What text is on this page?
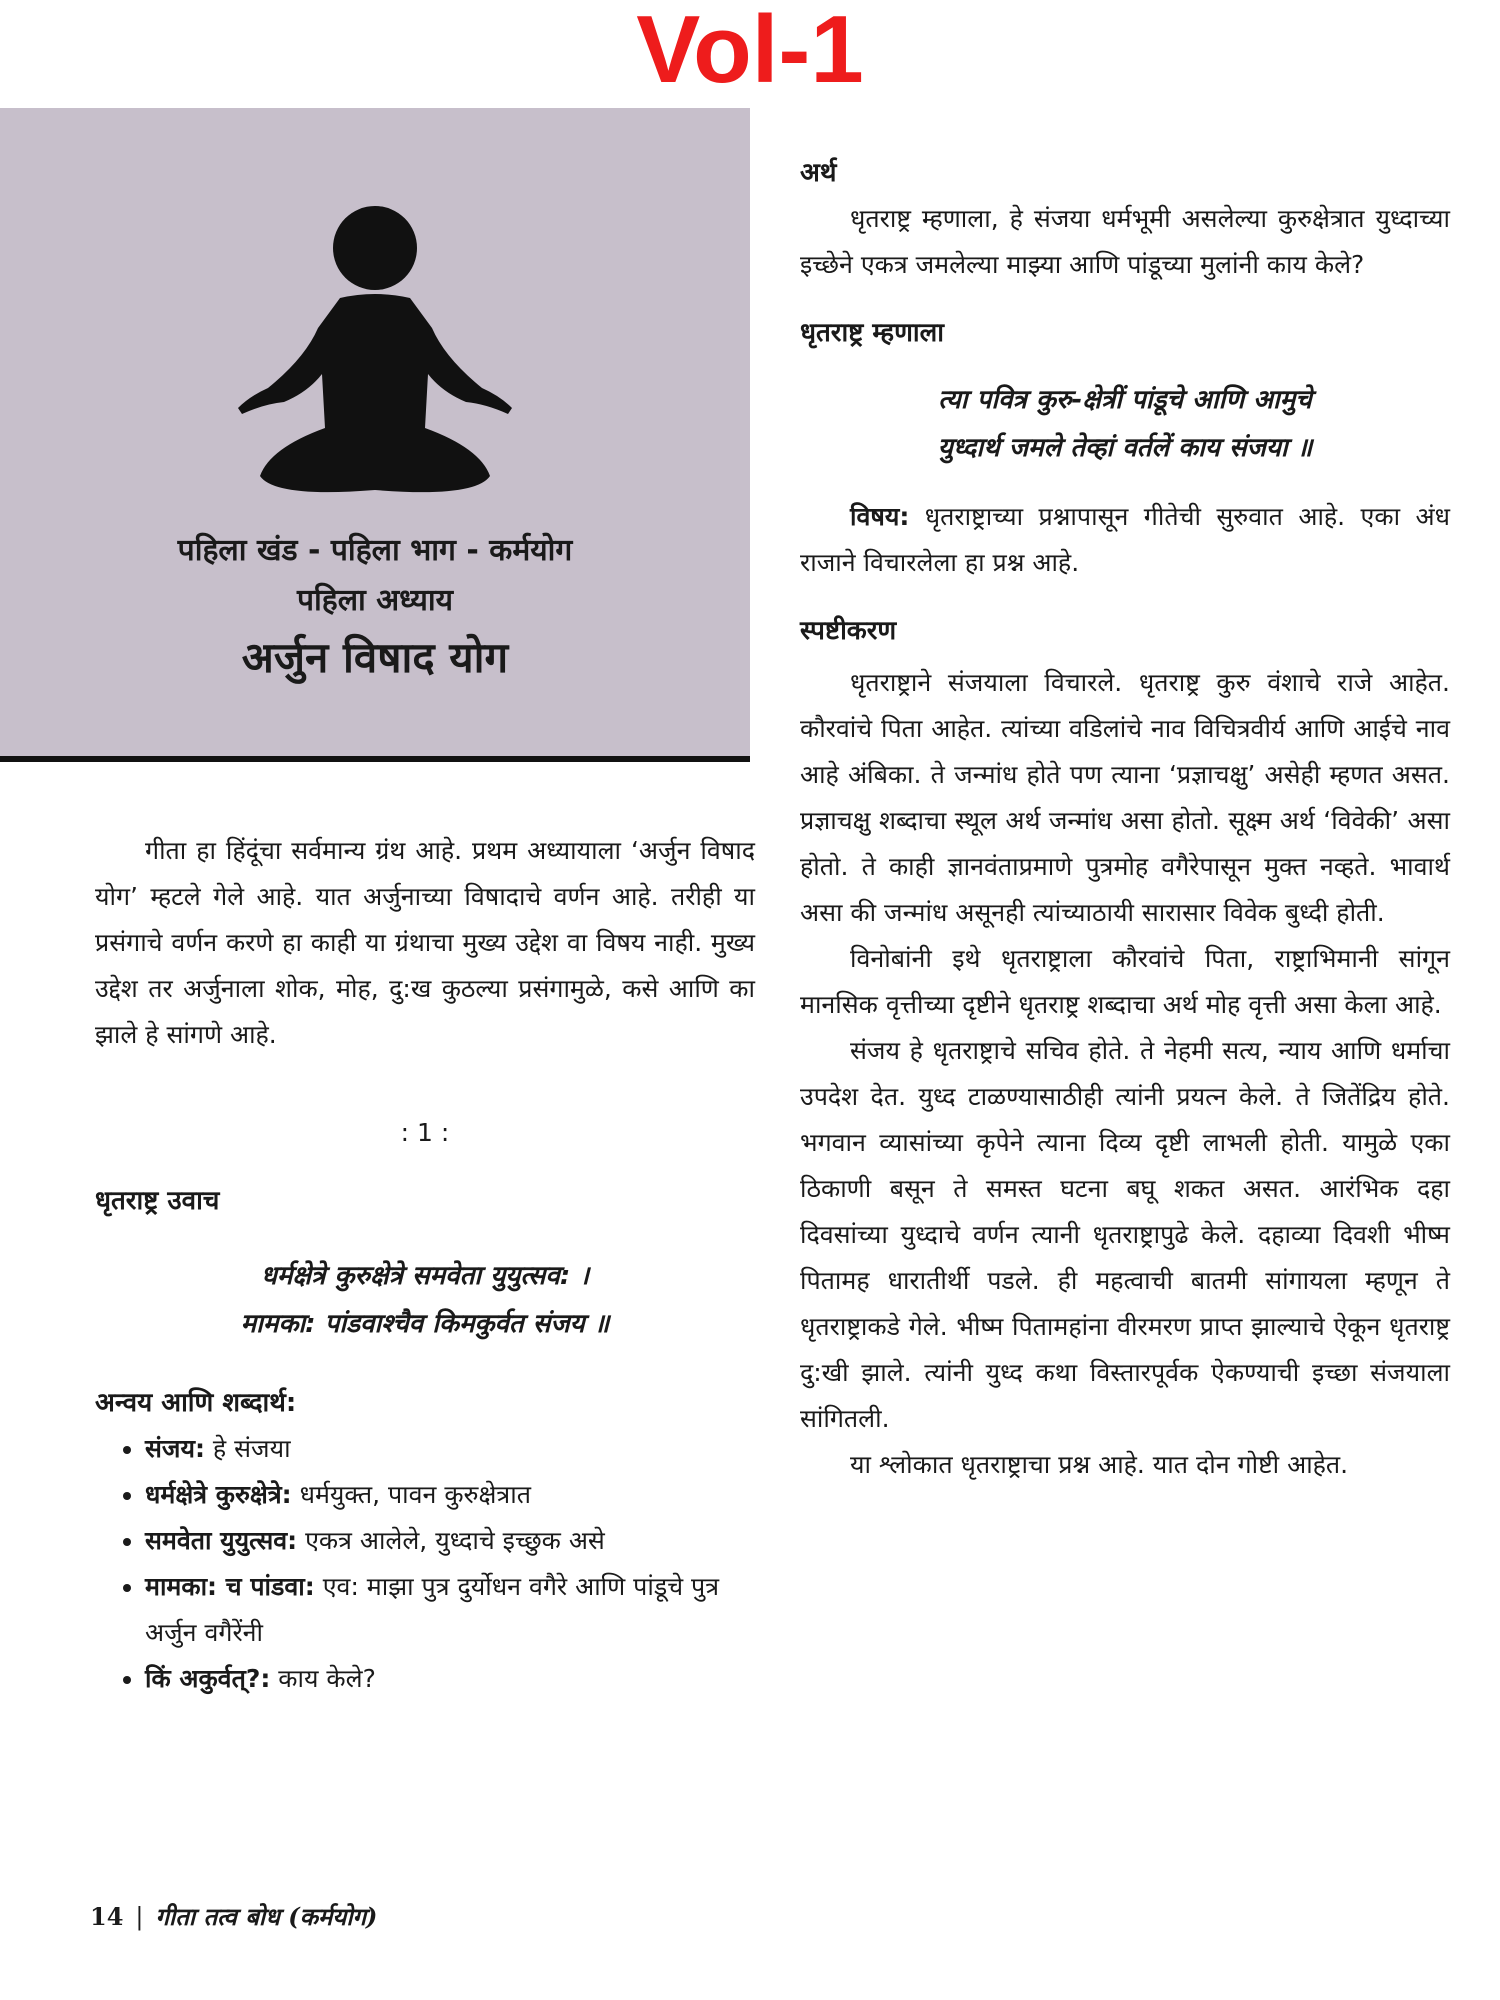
Vol-1
पहिला खंड - पहिला भाग - कर्मयोग
पहिला अध्याय
अर्जुन विषाद योग

गीता हा हिंदूंचा सर्वमान्य ग्रंथ आहे. प्रथम अध्यायाला ‘अर्जुन विषाद योग’ म्हटले गेले आहे. यात अर्जुनाच्या विषादाचे वर्णन आहे. तरीही या प्रसंगाचे वर्णन करणे हा काही या ग्रंथाचा मुख्य उद्देश वा विषय नाही. मुख्य उद्देश तर अर्जुनाला शोक, मोह, दु:ख कुठल्या प्रसंगामुळे, कसे आणि का झाले हे सांगणे आहे.

: 1 :
धृतराष्ट्र उवाच
धर्मक्षेत्रे कुरुक्षेत्रे समवेता युयुत्सव: ।
मामका: पांडवाश्चैव किमकुर्वत संजय ॥
अन्वय आणि शब्दार्थ:
• संजय: हे संजया
• धर्मक्षेत्रे कुरुक्षेत्रे: धर्मयुक्त, पावन कुरुक्षेत्रात
• समवेता युयुत्सव: एकत्र आलेले, युध्दाचे इच्छुक असे
• मामका: च पांडवा: एव: माझा पुत्र दुर्योधन वगैरे आणि पांडूचे पुत्र अर्जुन वगैरेंनी
• किं अकुर्वत्?: काय केले?
अर्थ

धृतराष्ट्र म्हणाला, हे संजया धर्मभूमी असलेल्या कुरुक्षेत्रात युध्दाच्या इच्छेने एकत्र जमलेल्या माझ्या आणि पांडूच्या मुलांनी काय केले?

धृतराष्ट्र म्हणाला
त्या पवित्र कुरु-क्षेत्रीं पांडूचे आणि आमुचे
युध्दार्थ जमले तेव्हां वर्तलें काय संजया ॥

विषय: धृतराष्ट्राच्या प्रश्नापासून गीतेची सुरुवात आहे. एका अंध राजाने विचारलेला हा प्रश्न आहे.

स्पष्टीकरण

धृतराष्ट्राने संजयाला विचारले. धृतराष्ट्र कुरु वंशाचे राजे आहेत. कौरवांचे पिता आहेत. त्यांच्या वडिलांचे नाव विचित्रवीर्य आणि आईचे नाव आहे अंबिका. ते जन्मांध होते पण त्याना ‘प्रज्ञाचक्षु’ असेही म्हणत असत. प्रज्ञाचक्षु शब्दाचा स्थूल अर्थ जन्मांध असा होतो. सूक्ष्म अर्थ ‘विवेकी’ असा होतो. ते काही ज्ञानवंताप्रमाणे पुत्रमोह वगैरेपासून मुक्त नव्हते. भावार्थ असा की जन्मांध असूनही त्यांच्याठायी सारासार विवेक बुध्दी होती.

विनोबांनी इथे धृतराष्ट्राला कौरवांचे पिता, राष्ट्राभिमानी सांगून मानसिक वृत्तीच्या दृष्टीने धृतराष्ट्र शब्दाचा अर्थ मोह वृत्ती असा केला आहे.

संजय हे धृतराष्ट्राचे सचिव होते. ते नेहमी सत्य, न्याय आणि धर्माचा उपदेश देत. युध्द टाळण्यासाठीही त्यांनी प्रयत्न केले. ते जितेंद्रिय होते. भगवान व्यासांच्या कृपेने त्याना दिव्य दृष्टी लाभली होती. यामुळे एका ठिकाणी बसून ते समस्त घटना बघू शकत असत. आरंभिक दहा दिवसांच्या युध्दाचे वर्णन त्यानी धृतराष्ट्रापुढे केले. दहाव्या दिवशी भीष्म पितामह धारातीर्थी पडले. ही महत्वाची बातमी सांगायला म्हणून ते धृतराष्ट्राकडे गेले. भीष्म पितामहांना वीरमरण प्राप्त झाल्याचे ऐकून धृतराष्ट्र दु:खी झाले. त्यांनी युध्द कथा विस्तारपूर्वक ऐकण्याची इच्छा संजयाला सांगितली.

या श्लोकात धृतराष्ट्राचा प्रश्न आहे. यात दोन गोष्टी आहेत.

14 | गीता तत्व बोध (कर्मयोग)
